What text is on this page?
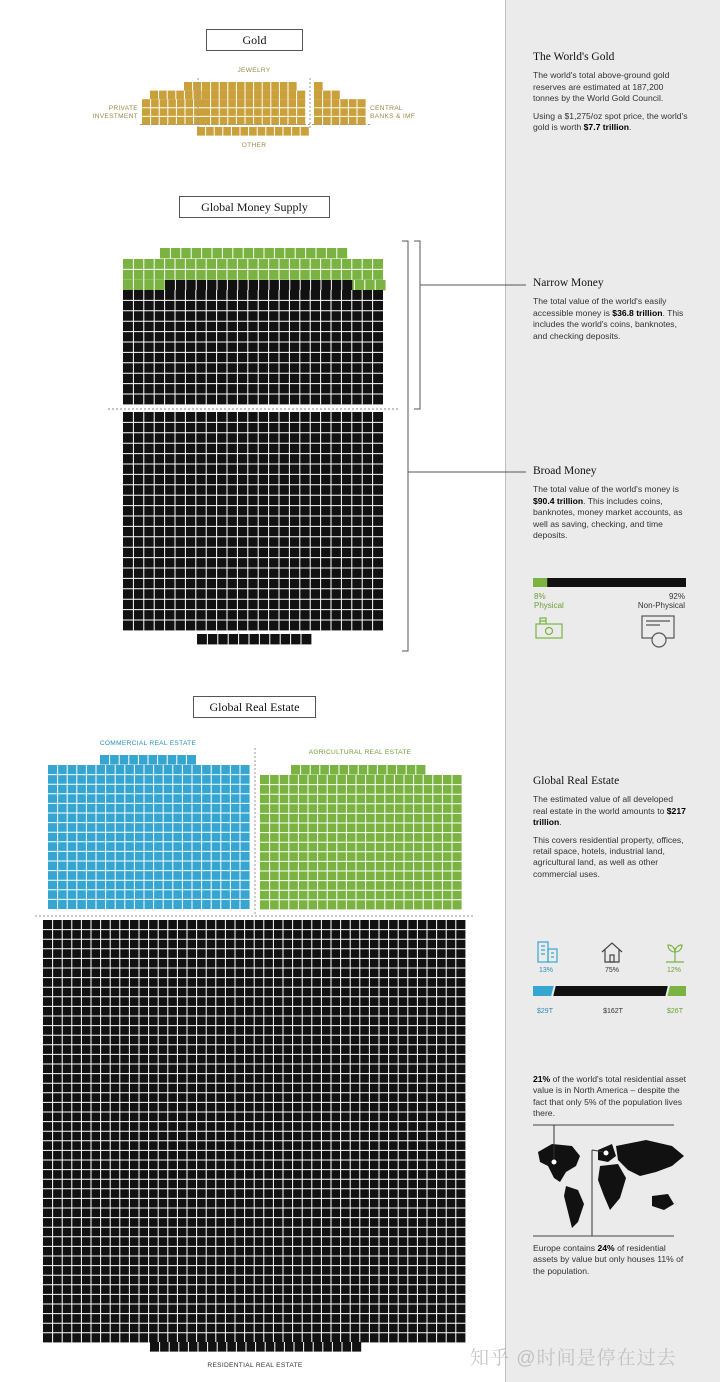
Gold
Global Money Supply
Global Real Estate
JEWELRY
PRIVATE
INVESTMENT
CENTRAL
BANKS & IMF
OTHER
COMMERCIAL REAL ESTATE
AGRICULTURAL REAL ESTATE
RESIDENTIAL REAL ESTATE
The World's Gold

The world's total above-ground gold reserves are estimated at 187,200 tonnes by the World Gold Council.

Using a $1,275/oz spot price, the world's gold is worth $7.7 trillion.

Narrow Money

The total value of the world's easily accessible money is $36.8 trillion. This includes the world's coins, banknotes, and checking deposits.

Broad Money

The total value of the world's money is $90.4 trillion. This includes coins, banknotes, money market accounts, as well as saving, checking, and time deposits.

8%
Physical
92%
Non-Physical
Global Real Estate

The estimated value of all developed real estate in the world amounts to $217 trillion.

This covers residential property, offices, retail space, hotels, industrial land, agricultural land, as well as other commercial uses.

13%	75%	12%
$29T	$162T	$26T

21% of the world's total residential asset value is in North America – despite the fact that only 5% of the population lives there.

Europe contains 24% of residential assets by value but only houses 11% of the population.

知乎 @时间是停在过去
